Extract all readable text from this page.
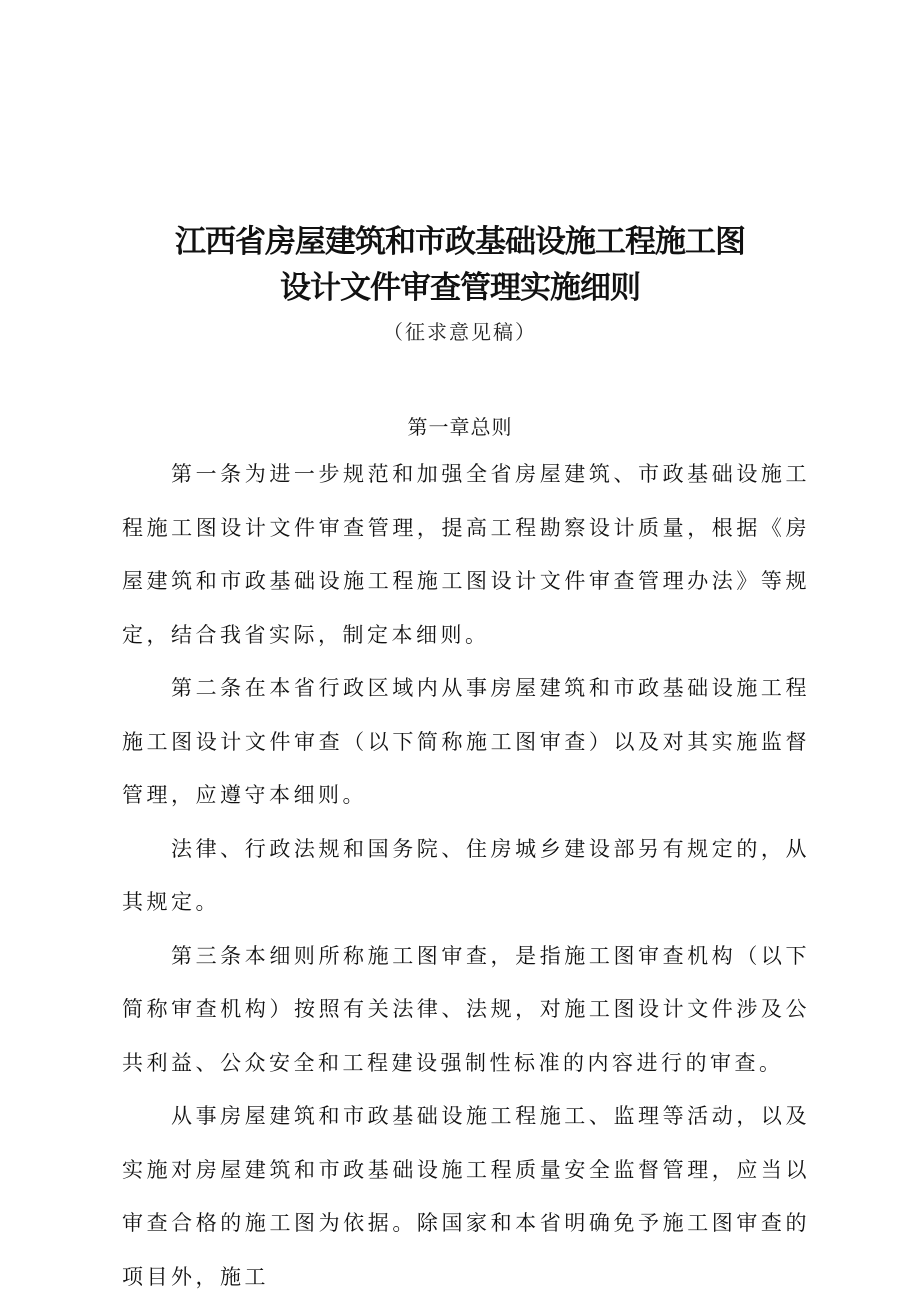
江西省房屋建筑和市政基础设施工程施工图
设计文件审查管理实施细则
（征求意见稿）
第一章总则

第一条为进一步规范和加强全省房屋建筑、市政基础设施工程施工图设计文件审查管理，提高工程勘察设计质量，根据《房屋建筑和市政基础设施工程施工图设计文件审查管理办法》等规定，结合我省实际，制定本细则。

第二条在本省行政区域内从事房屋建筑和市政基础设施工程施工图设计文件审查（以下简称施工图审查）以及对其实施监督管理，应遵守本细则。

法律、行政法规和国务院、住房城乡建设部另有规定的，从其规定。

第三条本细则所称施工图审查，是指施工图审查机构（以下简称审查机构）按照有关法律、法规，对施工图设计文件涉及公共利益、公众安全和工程建设强制性标准的内容进行的审查。

从事房屋建筑和市政基础设施工程施工、监理等活动，以及实施对房屋建筑和市政基础设施工程质量安全监督管理，应当以审查合格的施工图为依据。除国家和本省明确免予施工图审查的项目外，施工
